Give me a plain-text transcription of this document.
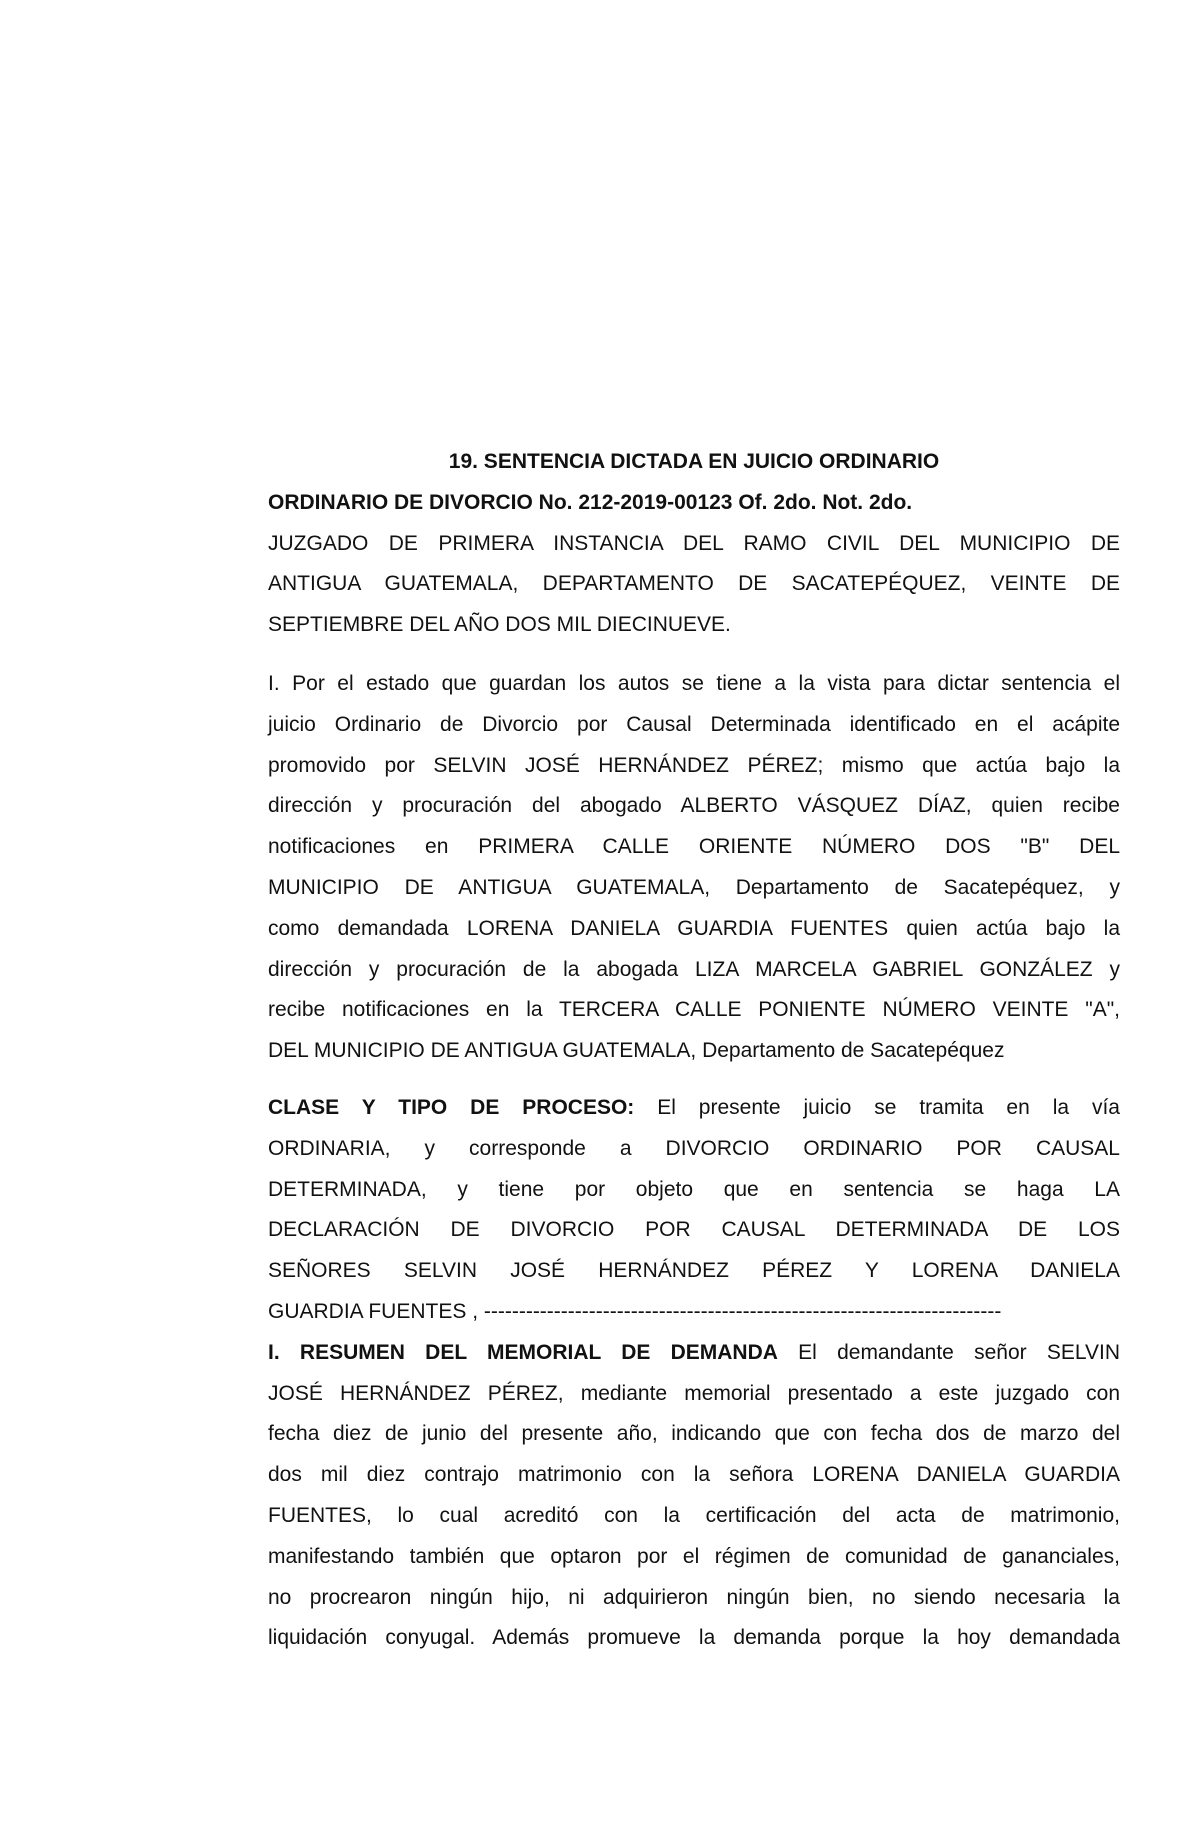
19. SENTENCIA DICTADA EN JUICIO ORDINARIO

ORDINARIO DE DIVORCIO No. 212-2019-00123 Of. 2do. Not. 2do.

JUZGADO DE PRIMERA INSTANCIA DEL RAMO CIVIL DEL MUNICIPIO DE

ANTIGUA GUATEMALA, DEPARTAMENTO DE SACATEPÉQUEZ, VEINTE DE

SEPTIEMBRE DEL AÑO DOS MIL DIECINUEVE.

I. Por el estado que guardan los autos se tiene a la vista para dictar sentencia el

juicio Ordinario de Divorcio por Causal Determinada identificado en el acápite

promovido por SELVIN JOSÉ HERNÁNDEZ PÉREZ; mismo que actúa bajo la

dirección y procuración del abogado ALBERTO VÁSQUEZ DÍAZ, quien recibe

notificaciones en PRIMERA CALLE ORIENTE NÚMERO DOS "B" DEL

MUNICIPIO DE ANTIGUA GUATEMALA, Departamento de Sacatepéquez, y

como demandada LORENA DANIELA GUARDIA FUENTES quien actúa bajo la

dirección y procuración de la abogada LIZA MARCELA GABRIEL GONZÁLEZ y

recibe notificaciones en la TERCERA CALLE PONIENTE NÚMERO VEINTE "A",

DEL MUNICIPIO DE ANTIGUA GUATEMALA, Departamento de Sacatepéquez

CLASE Y TIPO DE PROCESO: El presente juicio se tramita en la vía

ORDINARIA, y corresponde a DIVORCIO ORDINARIO POR CAUSAL

DETERMINADA, y tiene por objeto que en sentencia se haga LA

DECLARACIÓN DE DIVORCIO POR CAUSAL DETERMINADA DE LOS

SEÑORES SELVIN JOSÉ HERNÁNDEZ PÉREZ Y LORENA DANIELA

GUARDIA FUENTES , --------------------------------------------------------------------------

I. RESUMEN DEL MEMORIAL DE DEMANDA El demandante señor SELVIN

JOSÉ HERNÁNDEZ PÉREZ, mediante memorial presentado a este juzgado con

fecha diez de junio del presente año, indicando que con fecha dos de marzo del

dos mil diez contrajo matrimonio con la señora LORENA DANIELA GUARDIA

FUENTES, lo cual acreditó con la certificación del acta de matrimonio,

manifestando también que optaron por el régimen de comunidad de gananciales,

no procrearon ningún hijo, ni adquirieron ningún bien, no siendo necesaria la

liquidación conyugal. Además promueve la demanda porque la hoy demandada
